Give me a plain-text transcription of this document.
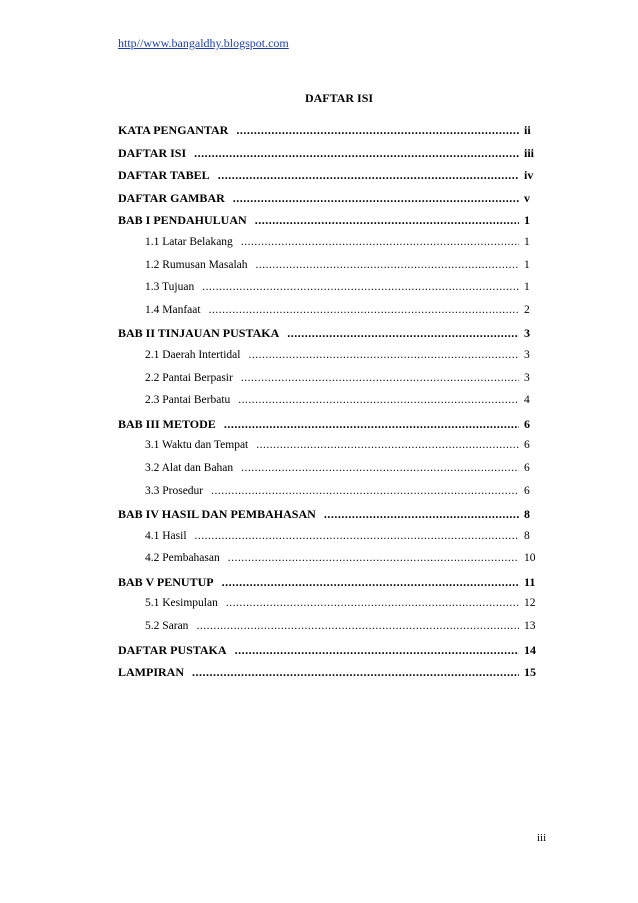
http//www.bangaldhy.blogspot.com
DAFTAR ISI
KATA PENGANTAR .....	ii
DAFTAR ISI .....	iii
DAFTAR TABEL .....	iv
DAFTAR GAMBAR .....	v
BAB I PENDAHULUAN .....	1
1.1 Latar Belakang .....	1
1.2 Rumusan Masalah .....	1
1.3 Tujuan .....	1
1.4 Manfaat .....	2
BAB II TINJAUAN PUSTAKA .....	3
2.1 Daerah Intertidal .....	3
2.2 Pantai Berpasir .....	3
2.3 Pantai Berbatu .....	4
BAB III METODE .....	6
3.1 Waktu dan Tempat .....	6
3.2 Alat dan Bahan .....	6
3.3 Prosedur .....	6
BAB IV HASIL DAN PEMBAHASAN .....	8
4.1 Hasil .....	8
4.2 Pembahasan .....	10
BAB V PENUTUP .....	11
5.1 Kesimpulan .....	12
5.2 Saran .....	13
DAFTAR PUSTAKA .....	14
LAMPIRAN .....	15
iii
